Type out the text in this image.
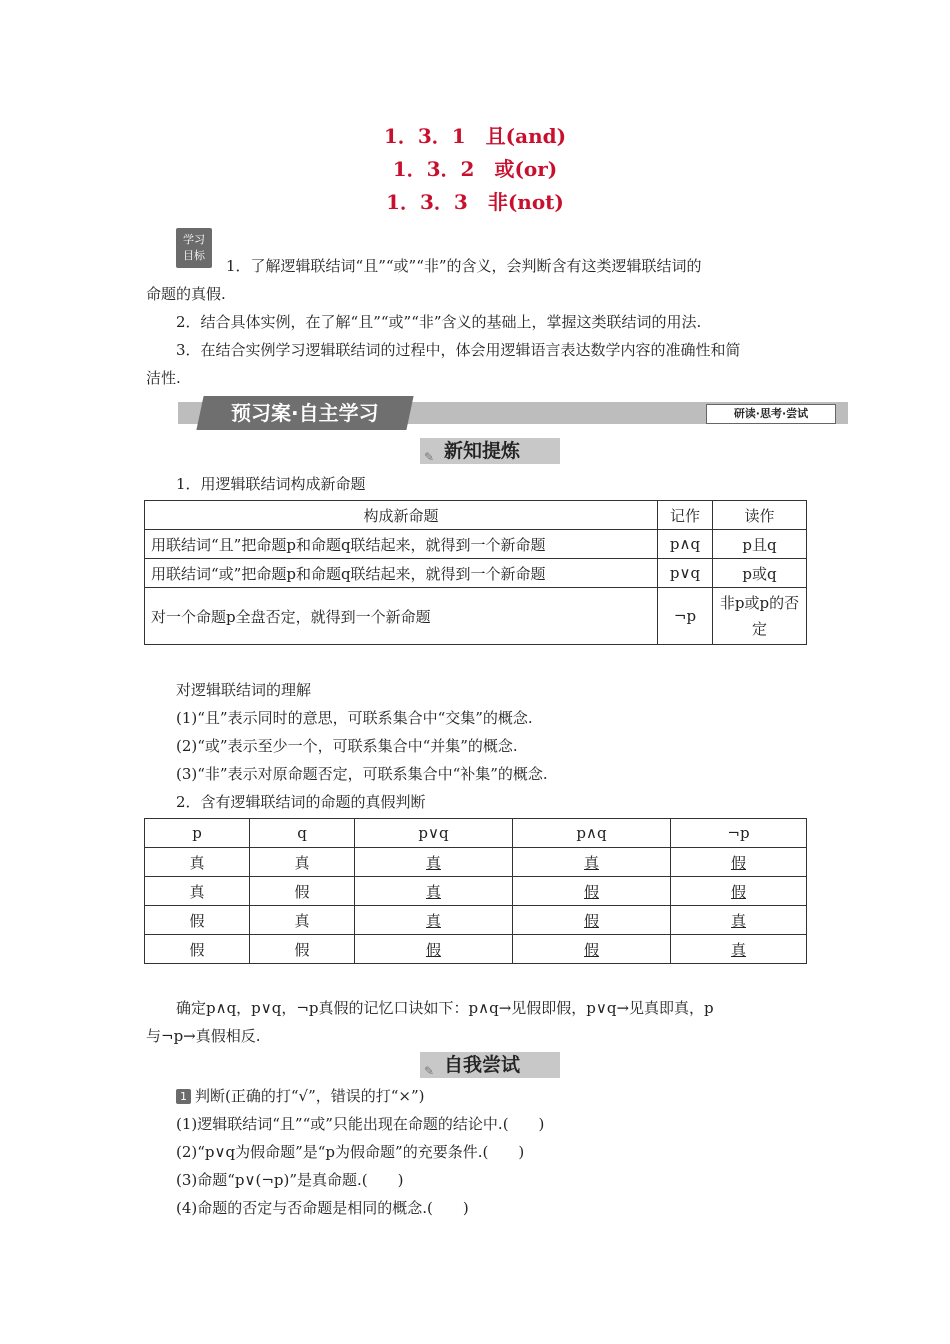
1．3．1　且(and)
1．3．2　或(or)
1．3．3　非(not)
学习
目标
1．了解逻辑联结词“且”“或”“非”的含义，会判断含有这类逻辑联结词的
命题的真假.
2．结合具体实例，在了解“且”“或”“非”含义的基础上，掌握这类联结词的用法.
3．在结合实例学习逻辑联结词的过程中，体会用逻辑语言表达数学内容的准确性和简
洁性.
预习案·自主学习	研读·思考·尝试
✎ 新知提炼
1．用逻辑联结词构成新命题
构成新命题	记作	读作
用联结词“且”把命题p和命题q联结起来，就得到一个新命题	p∧q	p且q
用联结词“或”把命题p和命题q联结起来，就得到一个新命题	p∨q	p或q
对一个命题p全盘否定，就得到一个新命题	¬p	非p或p的否定
对逻辑联结词的理解
(1)“且”表示同时的意思，可联系集合中“交集”的概念.
(2)“或”表示至少一个，可联系集合中“并集”的概念.
(3)“非”表示对原命题否定，可联系集合中“补集”的概念.
2．含有逻辑联结词的命题的真假判断
p	q	p∨q	p∧q	¬p
真	真	真	真	假
真	假	真	假	假
假	真	真	假	真
假	假	假	假	真
确定p∧q，p∨q，¬p真假的记忆口诀如下：p∧q→见假即假，p∨q→见真即真，p
与¬p→真假相反.
✎ 自我尝试
1 判断(正确的打“√”，错误的打“×”)
(1)逻辑联结词“且”“或”只能出现在命题的结论中.(　　)
(2)“p∨q为假命题”是“p为假命题”的充要条件.(　　)
(3)命题“p∨(¬p)”是真命题.(　　)
(4)命题的否定与否命题是相同的概念.(　　)
